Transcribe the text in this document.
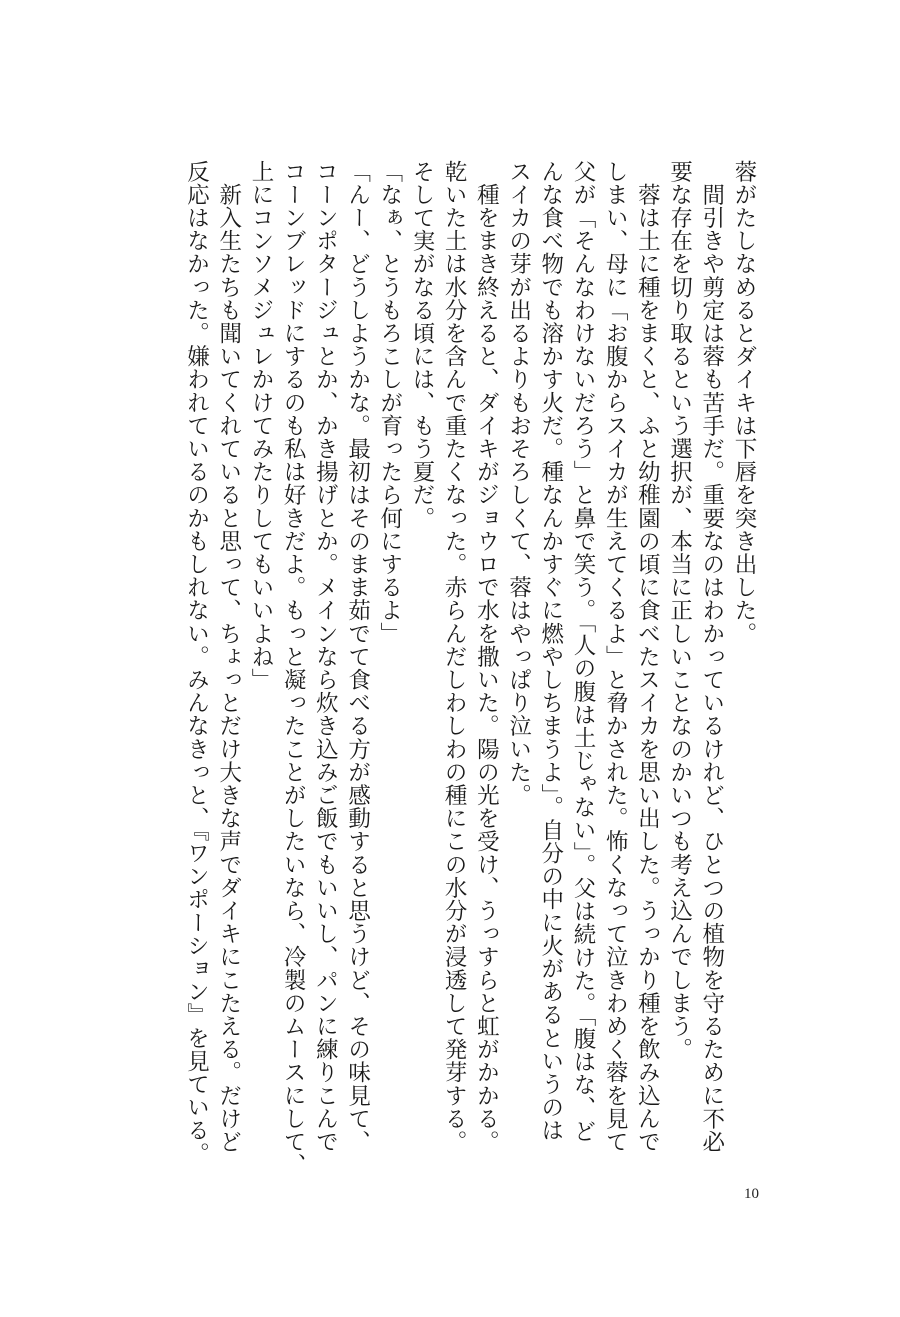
蓉がたしなめるとダイキは下唇を突き出した。

　間引きや剪定は蓉も苦手だ。重要なのはわかっているけれど、ひとつの植物を守るために不必

要な存在を切り取るという選択が、本当に正しいことなのかいつも考え込んでしまう。

　蓉は土に種をまくと、ふと幼稚園の頃に食べたスイカを思い出した。うっかり種を飲み込んで

しまい、母に「お腹からスイカが生えてくるよ」と脅かされた。怖くなって泣きわめく蓉を見て

父が「そんなわけないだろう」と鼻で笑う。「人の腹は土じゃない」。父は続けた。「腹はな、ど

んな食べ物でも溶かす火だ。種なんかすぐに燃やしちまうよ」。自分の中に火があるというのは

スイカの芽が出るよりもおそろしくて、蓉はやっぱり泣いた。

　種をまき終えると、ダイキがジョウロで水を撒いた。陽の光を受け、うっすらと虹がかかる。

乾いた土は水分を含んで重たくなった。赤らんだしわしわの種にこの水分が浸透して発芽する。

そして実がなる頃には、もう夏だ。

「なぁ、とうもろこしが育ったら何にするよ」

「んー、どうしようかな。最初はそのまま茹でて食べる方が感動すると思うけど、その味見て、

コーンポタージュとか、かき揚げとか。メインなら炊き込みご飯でもいいし、パンに練りこんで

コーンブレッドにするのも私は好きだよ。もっと凝ったことがしたいなら、冷製のムースにして、

上にコンソメジュレかけてみたりしてもいいよね」

　新入生たちも聞いてくれていると思って、ちょっとだけ大きな声でダイキにこたえる。だけど

反応はなかった。嫌われているのかもしれない。みんなきっと、『ワンポーション』を見ている。

10
